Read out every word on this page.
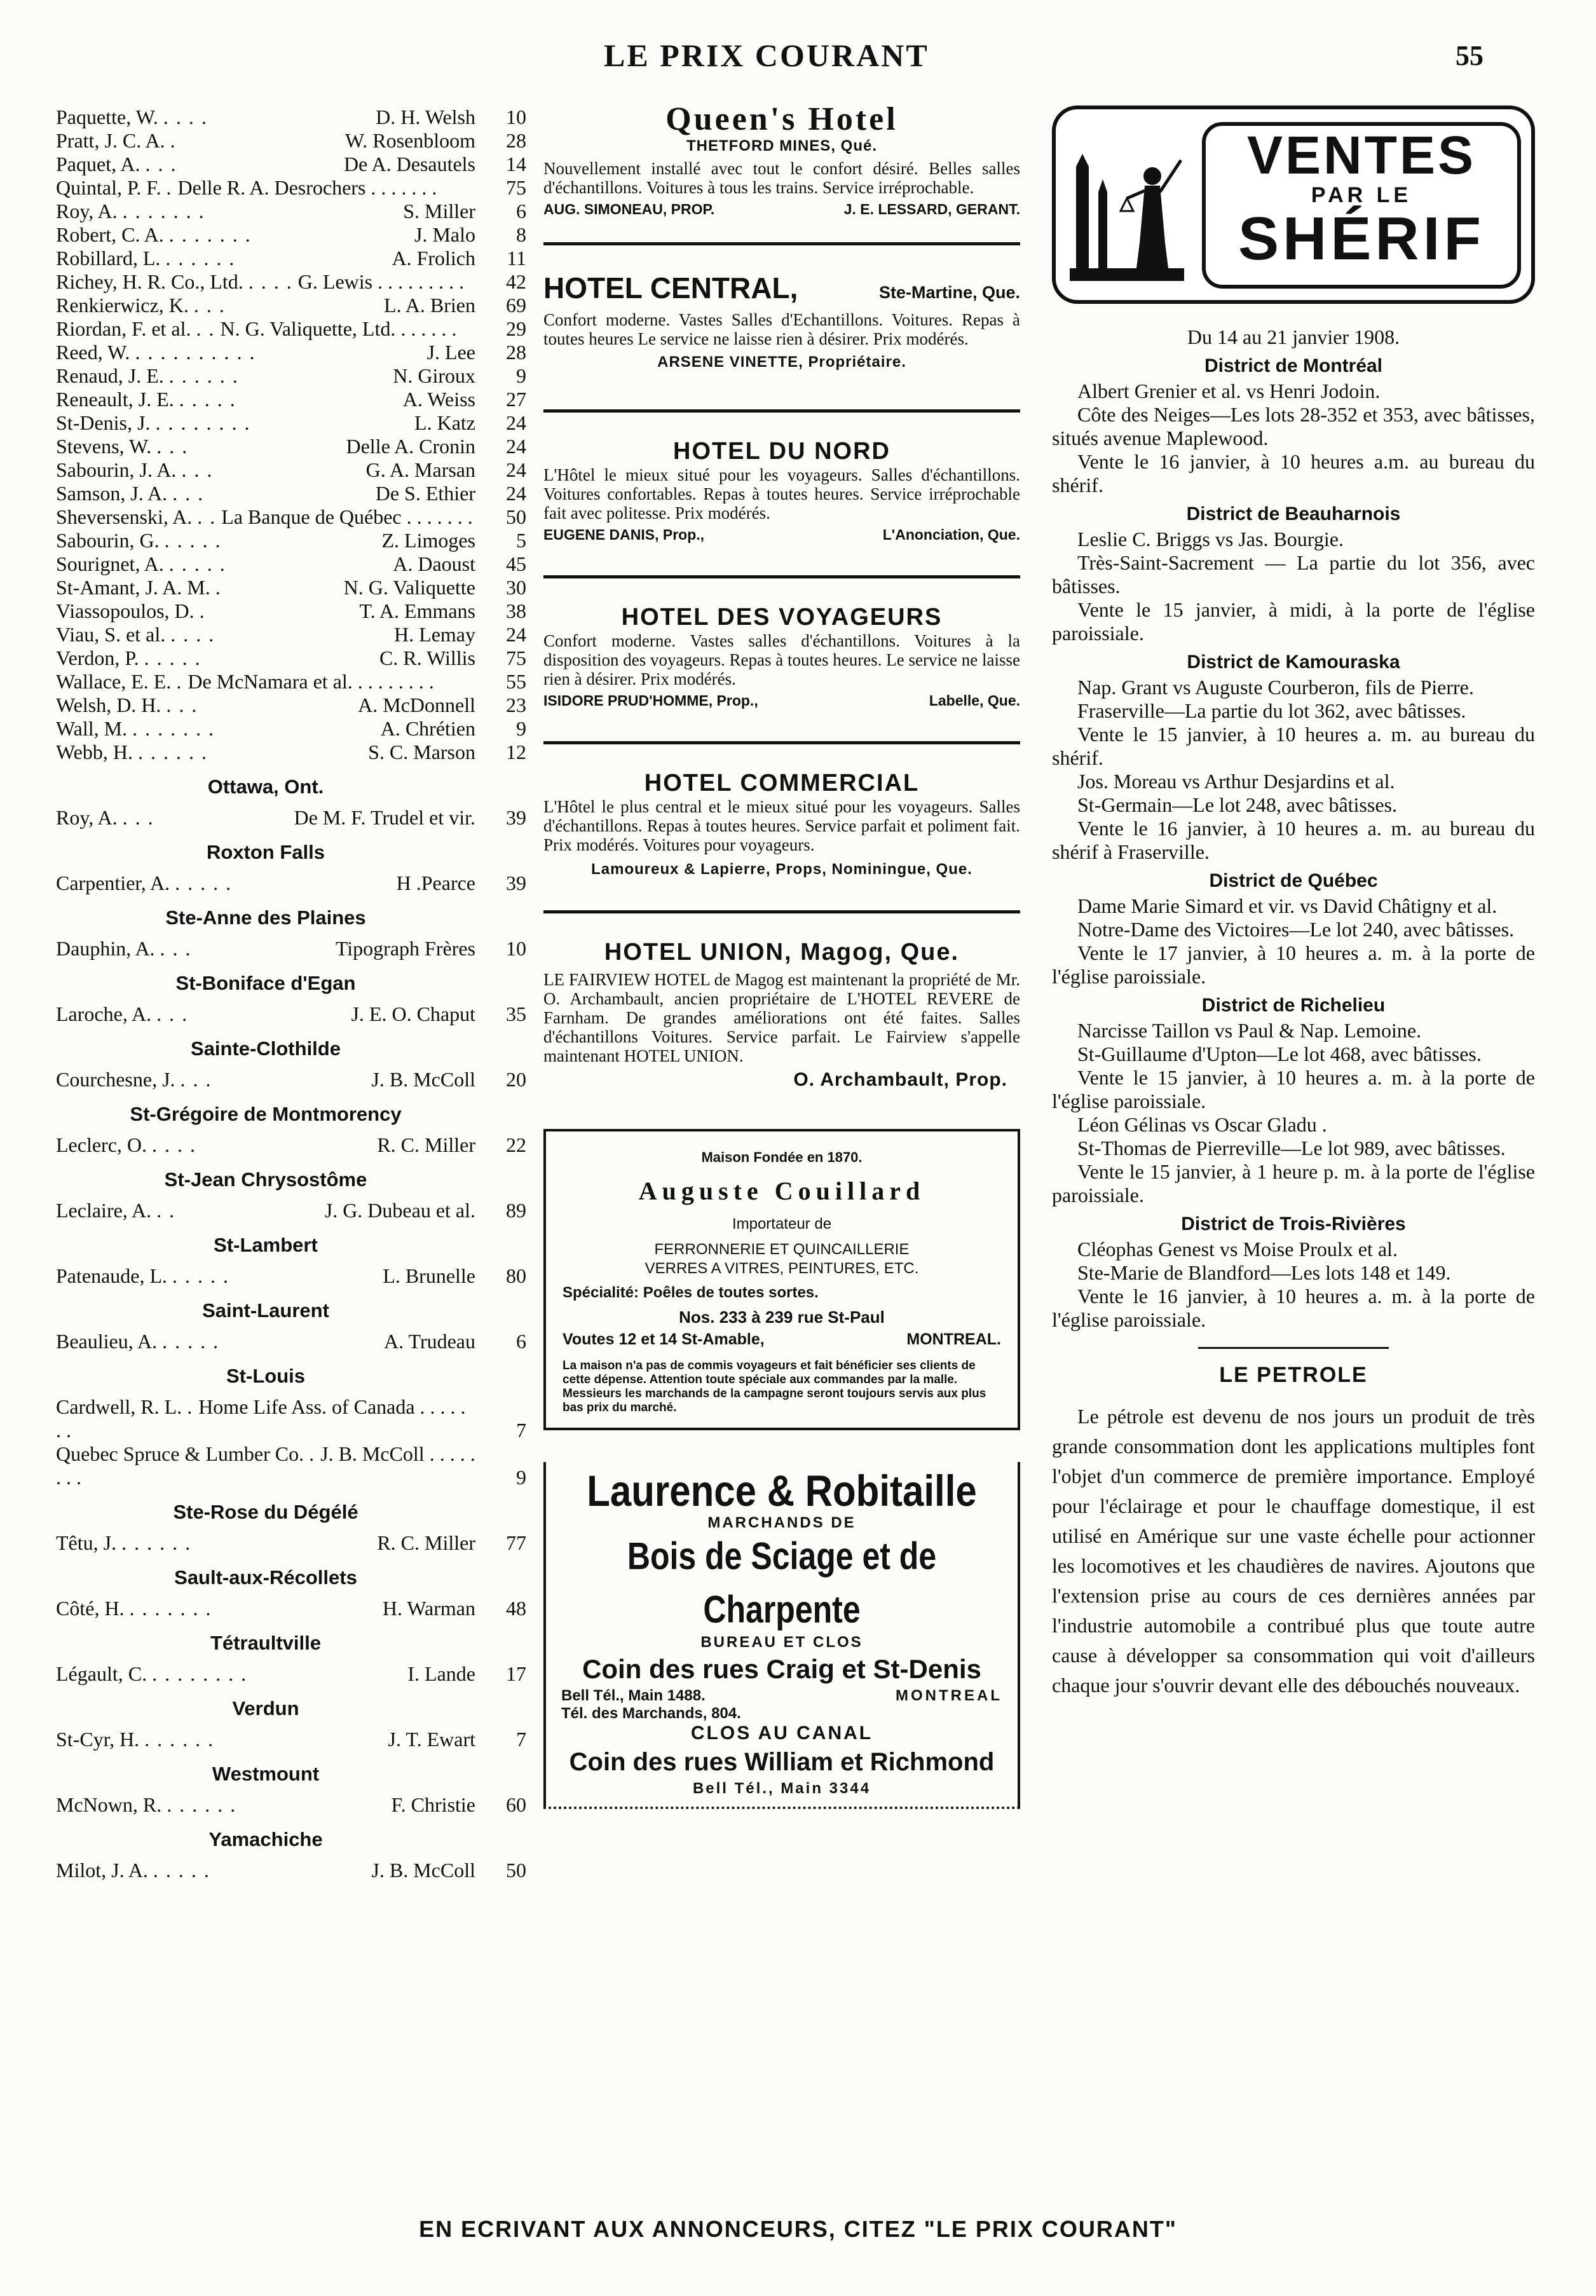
LE PRIX COURANT	55
Paquette, W. . . . .	D. H. Welsh	10
Pratt, J. C. A. .	W. Rosenbloom	28
Paquet, A. . . .	De A. Desautels	14
Quintal, P. F. . Delle R. A. Desrochers . . . . . . .	75
Roy, A. . . . . . . .	S. Miller	6
Robert, C. A. . . . . . . .	J. Malo	8
Robillard, L. . . . . . .	A. Frolich	11
Richey, H. R. Co., Ltd. . . . . G. Lewis . . . . . . . . .	42
Renkierwicz, K. . . .	L. A. Brien	69
Riordan, F. et al. . . N. G. Valiquette, Ltd. . . . . . .	29
Reed, W. . . . . . . . . . .	J. Lee	28
Renaud, J. E. . . . . . .	N. Giroux	9
Reneault, J. E. . . . . .	A. Weiss	27
St-Denis, J. . . . . . . . .	L. Katz	24
Stevens, W. . . .	Delle A. Cronin	24
Sabourin, J. A. . . .	G. A. Marsan	24
Samson, J. A. . . .	De S. Ethier	24
Sheversenski, A. . . La Banque de Québec . . . . . . .	50
Sabourin, G. . . . . .	Z. Limoges	5
Sourignet, A. . . . . .	A. Daoust	45
St-Amant, J. A. M. .	N. G. Valiquette	30
Viassopoulos, D. .	T. A. Emmans	38
Viau, S. et al. . . . .	H. Lemay	24
Verdon, P. . . . . .	C. R. Willis	75
Wallace, E. E. . De McNamara et al. . . . . . . . .	55
Welsh, D. H. . . .	A. McDonnell	23
Wall, M. . . . . . . .	A. Chrétien	9
Webb, H. . . . . . .	S. C. Marson	12
Ottawa, Ont.
Roy, A. . . .	De M. F. Trudel et vir.	39
Roxton Falls
Carpentier, A. . . . . .	H .Pearce	39
Ste-Anne des Plaines
Dauphin, A. . . .	Tipograph Frères	10
St-Boniface d'Egan
Laroche, A. . . .	J. E. O. Chaput	35
Sainte-Clothilde
Courchesne, J. . . .	J. B. McColl	20
St-Grégoire de Montmorency
Leclerc, O. . . . .	R. C. Miller	22
St-Jean Chrysostôme
Leclaire, A. . .	J. G. Dubeau et al.	89
St-Lambert
Patenaude, L. . . . . .	L. Brunelle	80
Saint-Laurent
Beaulieu, A. . . . . .	A. Trudeau	6
St-Louis
Cardwell, R. L. . Home Life Ass. of Canada . . . . . . .	7
Quebec Spruce & Lumber Co. . J. B. McColl . . . . . . . .	9
Ste-Rose du Dégélé
Têtu, J. . . . . . .	R. C. Miller	77
Sault-aux-Récollets
Côté, H. . . . . . . .	H. Warman	48
Tétraultville
Légault, C. . . . . . . . .	I. Lande	17
Verdun
St-Cyr, H. . . . . . .	J. T. Ewart	7
Westmount
McNown, R. . . . . . .	F. Christie	60
Yamachiche
Milot, J. A. . . . . .	J. B. McColl	50
Queen's Hotel
THETFORD MINES, Qué.
Nouvellement installé avec tout le confort désiré. Belles salles d'échantillons. Voitures à tous les trains. Service irréprochable.
AUG. SIMONEAU, PROP.	J. E. LESSARD, GERANT.
HOTEL CENTRAL,	Ste-Martine, Que.
Confort moderne. Vastes Salles d'Echantillons. Voitures. Repas à toutes heures Le service ne laisse rien à désirer. Prix modérés.
ARSENE VINETTE, Propriétaire.
HOTEL DU NORD
L'Hôtel le mieux situé pour les voyageurs. Salles d'échantillons. Voitures confortables. Repas à toutes heures. Service irréprochable fait avec politesse. Prix modérés.
EUGENE DANIS, Prop.,	L'Anonciation, Que.
HOTEL DES VOYAGEURS
Confort moderne. Vastes salles d'échantillons. Voitures à la disposition des voyageurs. Repas à toutes heures. Le service ne laisse rien à désirer. Prix modérés.
ISIDORE PRUD'HOMME, Prop.,	Labelle, Que.
HOTEL COMMERCIAL
L'Hôtel le plus central et le mieux situé pour les voyageurs. Salles d'échantillons. Repas à toutes heures. Service parfait et poliment fait. Prix modérés. Voitures pour voyageurs.
Lamoureux & Lapierre, Props, Nominingue, Que.
HOTEL UNION, Magog, Que.
LE FAIRVIEW HOTEL de Magog est maintenant la propriété de Mr. O. Archambault, ancien propriétaire de L'HOTEL REVERE de Farnham. De grandes améliorations ont été faites. Salles d'échantillons Voitures. Service parfait. Le Fairview s'appelle maintenant HOTEL UNION.
O. Archambault, Prop.
Maison Fondée en 1870.
Auguste Couillard
Importateur de
FERRONNERIE ET QUINCAILLERIE
VERRES A VITRES, PEINTURES, ETC.
Spécialité: Poêles de toutes sortes.
Nos. 233 à 239 rue St-Paul
Voutes 12 et 14 St-Amable,	MONTREAL.
La maison n'a pas de commis voyageurs et fait bénéficier ses clients de cette dépense. Attention toute spéciale aux commandes par la malle. Messieurs les marchands de la campagne seront toujours servis aux plus bas prix du marché.
Laurence & Robitaille
MARCHANDS DE
Bois de Sciage et de Charpente
BUREAU ET CLOS
Coin des rues Craig et St-Denis
Bell Tél., Main 1488.	MONTREAL
Tél. des Marchands, 804.
CLOS AU CANAL
Coin des rues William et Richmond
Bell Tél., Main 3344
VENTES
PAR LE
SHÉRIF
Du 14 au 21 janvier 1908.
District de Montréal
Albert Grenier et al. vs Henri Jodoin.
Côte des Neiges—Les lots 28-352 et 353, avec bâtisses, situés avenue Maplewood.
Vente le 16 janvier, à 10 heures a.m. au bureau du shérif.
District de Beauharnois
Leslie C. Briggs vs Jas. Bourgie.
Très-Saint-Sacrement — La partie du lot 356, avec bâtisses.
Vente le 15 janvier, à midi, à la porte de l'église paroissiale.
District de Kamouraska
Nap. Grant vs Auguste Courberon, fils de Pierre.
Fraserville—La partie du lot 362, avec bâtisses.
Vente le 15 janvier, à 10 heures a. m. au bureau du shérif.
Jos. Moreau vs Arthur Desjardins et al.
St-Germain—Le lot 248, avec bâtisses.
Vente le 16 janvier, à 10 heures a. m. au bureau du shérif à Fraserville.
District de Québec
Dame Marie Simard et vir. vs David Châtigny et al.
Notre-Dame des Victoires—Le lot 240, avec bâtisses.
Vente le 17 janvier, à 10 heures a. m. à la porte de l'église paroissiale.
District de Richelieu
Narcisse Taillon vs Paul & Nap. Lemoine.
St-Guillaume d'Upton—Le lot 468, avec bâtisses.
Vente le 15 janvier, à 10 heures a. m. à la porte de l'église paroissiale.
Léon Gélinas vs Oscar Gladu .
St-Thomas de Pierreville—Le lot 989, avec bâtisses.
Vente le 15 janvier, à 1 heure p. m. à la porte de l'église paroissiale.
District de Trois-Rivières
Cléophas Genest vs Moise Proulx et al.
Ste-Marie de Blandford—Les lots 148 et 149.
Vente le 16 janvier, à 10 heures a. m. à la porte de l'église paroissiale.
LE PETROLE
Le pétrole est devenu de nos jours un produit de très grande consommation dont les applications multiples font l'objet d'un commerce de première importance. Employé pour l'éclairage et pour le chauffage domestique, il est utilisé en Amérique sur une vaste échelle pour actionner les locomotives et les chaudières de navires. Ajoutons que l'extension prise au cours de ces dernières années par l'industrie automobile a contribué plus que toute autre cause à développer sa consommation qui voit d'ailleurs chaque jour s'ouvrir devant elle des débouchés nouveaux.
EN ECRIVANT AUX ANNONCEURS, CITEZ "LE PRIX COURANT"
